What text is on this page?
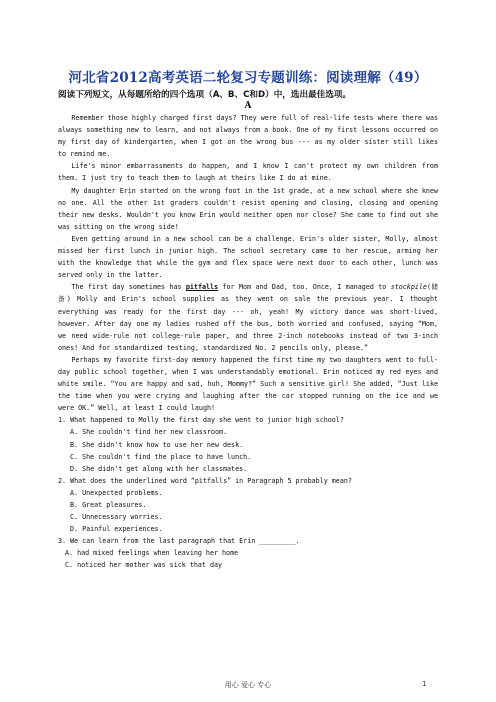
河北省2012高考英语二轮复习专题训练：阅读理解（49）
阅读下列短文，从每题所给的四个选项（A、B、C和D）中，选出最佳选项。
A

Remember those highly charged first days? They were full of real-life tests where there was always something new to learn, and not always from a book. One of my first lessons occurred on my first day of kindergarten, when I got on the wrong bus --- as my older sister still likes to remind me.

Life's minor embarrassments do happen, and I know I can't protect my own children from them. I just try to teach them to laugh at theirs like I do at mine.

My daughter Erin started on the wrong foot in the 1st grade, at a new school where she knew no one. All the other 1st graders couldn't resist opening and closing, closing and opening their new desks. Wouldn't you know Erin would neither open nor close? She came to find out she was sitting on the wrong side!

Even getting around in a new school can be a challenge. Erin's older sister, Molly, almost missed her first lunch in junior high. The school secretary came to her rescue, arming her with the knowledge that while the gym and flex space were next door to each other, lunch was served only in the latter.

The first day sometimes has pitfalls for Mom and Dad, too. Once, I managed to stockpile(储备) Molly and Erin's school supplies as they went on sale the previous year. I thought everything was ready for the first day --- oh, yeah! My victory dance was short-lived, however. After day one my ladies rushed off the bus, both worried and confused, saying “Mom, we need wide-rule not college-rule paper, and three 2-inch notebooks instead of two 3-inch ones! And for standardized testing, standardized No. 2 pencils only, please.”

Perhaps my favorite first-day memory happened the first time my two daughters went to full-day public school together, when I was understandably emotional. Erin noticed my red eyes and white smile. “You are happy and sad, huh, Mommy?” Such a sensitive girl! She added, “Just like the time when you were crying and laughing after the car stopped running on the ice and we were OK.” Well, at least I could laugh!

1. What happened to Molly the first day she went to junior high school?
A. She couldn't find her new classroom.
B. She didn't know how to use her new desk.
C. She couldn't find the place to have lunch.
D. She didn't get along with her classmates.
2. What does the underlined word “pitfalls” in Paragraph 5 probably mean?
A. Unexpected problems.
B. Great pleasures.
C. Unnecessary worries.
D. Painful experiences.
3. We can learn from the last paragraph that Erin _________.
A. had mixed feelings when leaving her home
C. noticed her mother was sick that day
用心 爱心 专心	1
